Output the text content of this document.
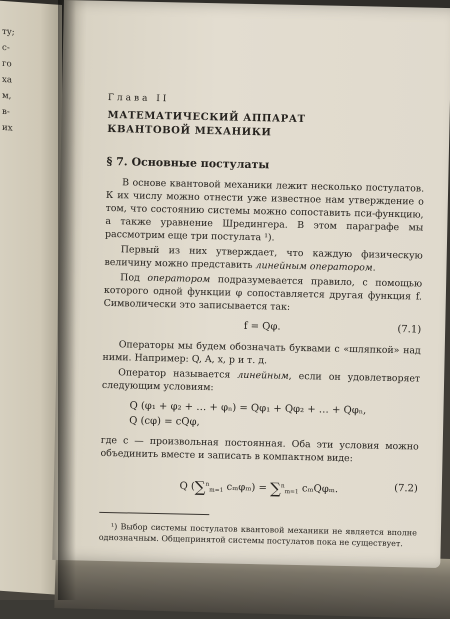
ту;
с-
го
ха
м,
в-
их
Глава II
МАТЕМАТИЧЕСКИЙ АППАРАТ
КВАНТОВОЙ МЕХАНИКИ
§ 7. Основные постулаты

В основе квантовой механики лежит несколько постулатов. К их числу можно отнести уже известное нам утверждение о том, что состоянию системы можно сопоставить пси-функцию, а также уравнение Шредингера. В этом параграфе мы рассмотрим еще три постулата ¹).

Первый из них утверждает, что каждую физическую величину можно представить линейным оператором.

Под оператором подразумевается правило, с помощью которого одной функции φ сопоставляется другая функция f. Символически это записывается так:

f = Qφ.	(7.1)

Операторы мы будем обозначать буквами с «шляпкой» над ними. Например: Q, A, x, p и т. д.

Оператор называется линейным, если он удовлетворяет следующим условиям:

Q (φ₁ + φ₂ + … + φₙ) = Qφ₁ + Qφ₂ + … + Qφₙ,
Q (cφ) = cQφ,

где c — произвольная постоянная. Оба эти условия можно объединить вместе и записать в компактном виде:

Q (∑$^n_{m=1}$ cₘφₘ) = ∑$^n_{m=1}$ cₘQφₘ.	(7.2)

¹) Выбор системы постулатов квантовой механики не является вполне однозначным. Общепринятой системы постулатов пока не существует.
